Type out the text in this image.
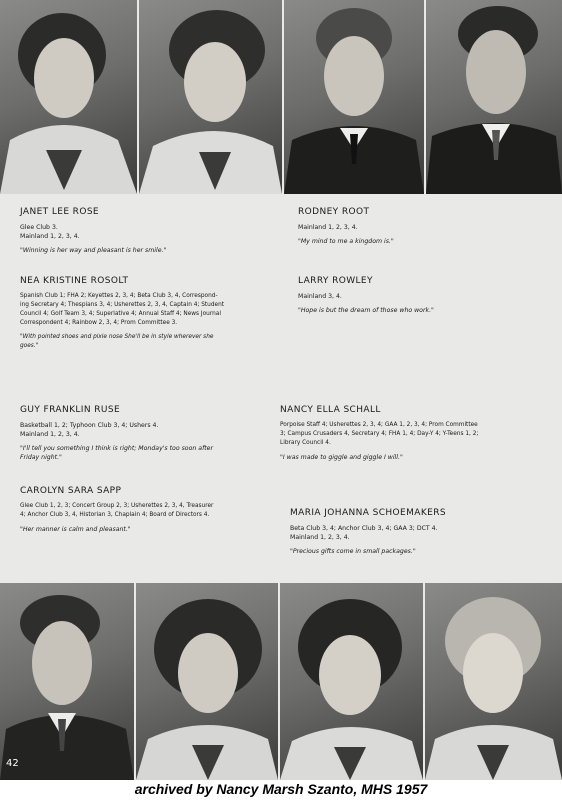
JANET LEE ROSE
Glee Club 3.
Mainland 1, 2, 3, 4.
"Winning is her way and pleasant is her smile."
RODNEY ROOT
Mainland 1, 2, 3, 4.
"My mind to me a kingdom is."
NEA KRISTINE ROSOLT
Spanish Club 1; FHA 2; Keyettes 2, 3, 4; Beta Club 3, 4, Correspond-
ing Secretary 4; Thespians 3, 4; Usherettes 2, 3, 4, Captain 4; Student
Council 4; Golf Team 3, 4; Superlative 4; Annual Staff 4; News Journal
Correspondent 4; Rainbow 2, 3, 4; Prom Committee 3.
"With pointed shoes and pixie nose She'll be in style wherever she
goes."
LARRY ROWLEY
Mainland 3, 4.
"Hope is but the dream of those who work."
GUY FRANKLIN RUSE
Basketball 1, 2; Typhoon Club 3, 4; Ushers 4.
Mainland 1, 2, 3, 4.
"I'll tell you something I think is right; Monday's too soon after
Friday night."
NANCY ELLA SCHALL
Porpoise Staff 4; Usherettes 2, 3, 4; GAA 1, 2, 3, 4; Prom Committee
3; Campus Crusaders 4, Secretary 4; FHA 1, 4; Day-Y 4; Y-Teens 1, 2;
Library Council 4.
"I was made to giggle and giggle I will."
CAROLYN SARA SAPP
Glee Club 1, 2, 3; Concert Group 2, 3; Usherettes 2, 3, 4, Treasurer
4; Anchor Club 3, 4, Historian 3, Chaplain 4; Board of Directors 4.
"Her manner is calm and pleasant."
MARIA JOHANNA SCHOEMAKERS
Beta Club 3, 4; Anchor Club 3, 4; GAA 3; DCT 4.
Mainland 1, 2, 3, 4.
"Precious gifts come in small packages."
42
archived by Nancy Marsh Szanto, MHS 1957
